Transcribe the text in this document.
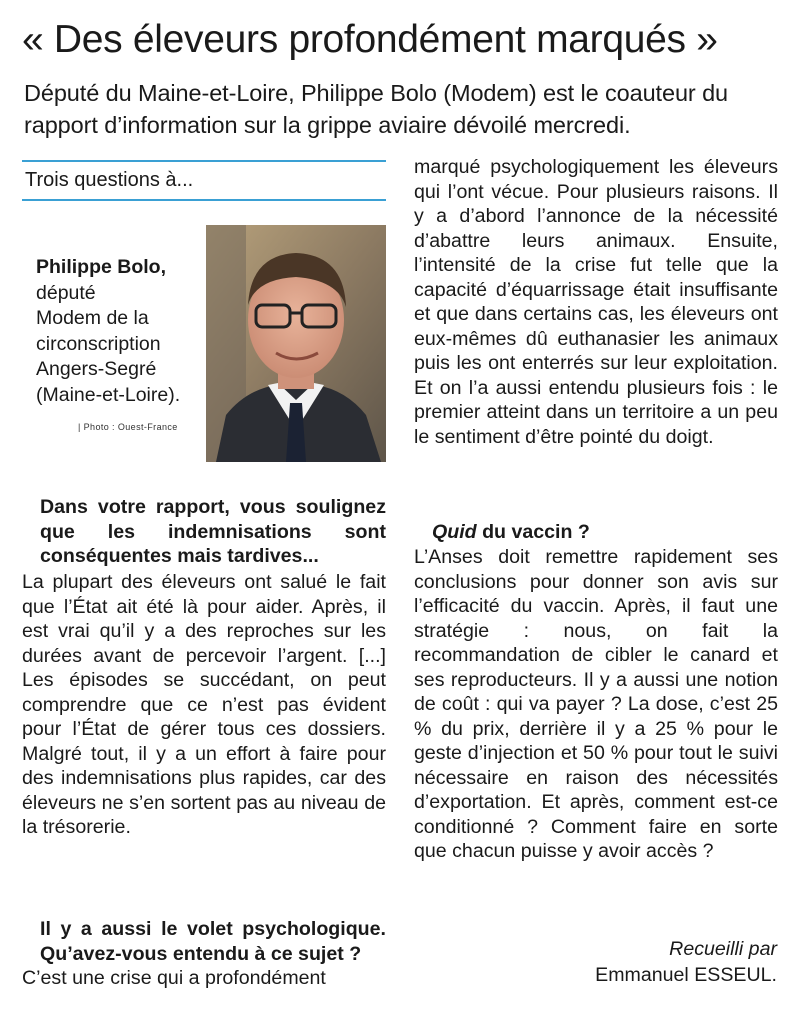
« Des éleveurs profondément marqués »

Député du Maine-et-Loire, Philippe Bolo (Modem) est le coauteur du rapport d’information sur la grippe aviaire dévoilé mercredi.

Trois questions à...
Philippe Bolo,
député
Modem de la
circonscription
Angers-Segré
(Maine-et-Loire).
| Photo : Ouest-France

Dans votre rapport, vous soulignez que les indemnisations sont conséquentes mais tardives...

La plupart des éleveurs ont salué le fait que l’État ait été là pour aider. Après, il est vrai qu’il y a des reproches sur les durées avant de percevoir l’argent. [...] Les épisodes se succédant, on peut comprendre que ce n’est pas évident pour l’État de gérer tous ces dossiers. Malgré tout, il y a un effort à faire pour des indemnisations plus rapides, car des éleveurs ne s’en sortent pas au niveau de la trésorerie.

Il y a aussi le volet psychologique. Qu’avez-vous entendu à ce sujet ?

C’est une crise qui a profondément

marqué psychologiquement les éleveurs qui l’ont vécue. Pour plusieurs raisons. Il y a d’abord l’annonce de la nécessité d’abattre leurs animaux. Ensuite, l’intensité de la crise fut telle que la capacité d’équarrissage était insuffisante et que dans certains cas, les éleveurs ont eux-mêmes dû euthanasier les animaux puis les ont enterrés sur leur exploitation. Et on l’a aussi entendu plusieurs fois : le premier atteint dans un territoire a un peu le sentiment d’être pointé du doigt.

Quid du vaccin ?

L’Anses doit remettre rapidement ses conclusions pour donner son avis sur l’efficacité du vaccin. Après, il faut une stratégie : nous, on fait la recommandation de cibler le canard et ses reproducteurs. Il y a aussi une notion de coût : qui va payer ? La dose, c’est 25 % du prix, derrière il y a 25 % pour le geste d’injection et 50 % pour tout le suivi nécessaire en raison des nécessités d’exportation. Et après, comment est-ce conditionné ? Comment faire en sorte que chacun puisse y avoir accès ?

Recueilli par

Emmanuel ESSEUL.
